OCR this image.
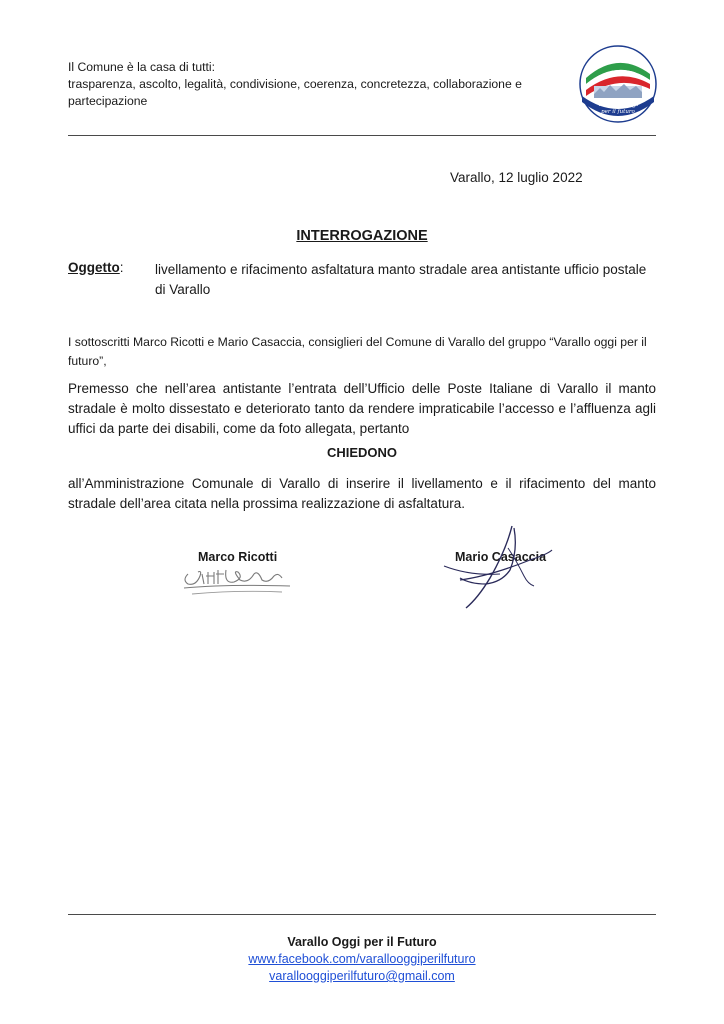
Il Comune è la casa di tutti:
trasparenza, ascolto, legalità, condivisione, coerenza, concretezza, collaborazione e partecipazione	Varallo Oggi
per il futuro
Varallo, 12 luglio 2022
INTERROGAZIONE
Oggetto: livellamento e rifacimento asfaltatura manto stradale area antistante ufficio postale di Varallo
I sottoscritti Marco Ricotti e Mario Casaccia, consiglieri del Comune di Varallo del gruppo “Varallo oggi per il futuro”,
Premesso che nell’area antistante l’entrata dell’Ufficio delle Poste Italiane di Varallo il manto stradale è molto dissestato e deteriorato tanto da rendere impraticabile l’accesso e l’affluenza agli uffici da parte dei disabili, come da foto allegata, pertanto
CHIEDONO
all’Amministrazione Comunale di Varallo di inserire il livellamento e il rifacimento del manto stradale dell’area citata nella prossima realizzazione di asfaltatura.
Marco Ricotti	Mario Casaccia
Varallo Oggi per il Futuro
www.facebook.com/varallooggiperilfuturo
varallooggiperilfuturo@gmail.com
